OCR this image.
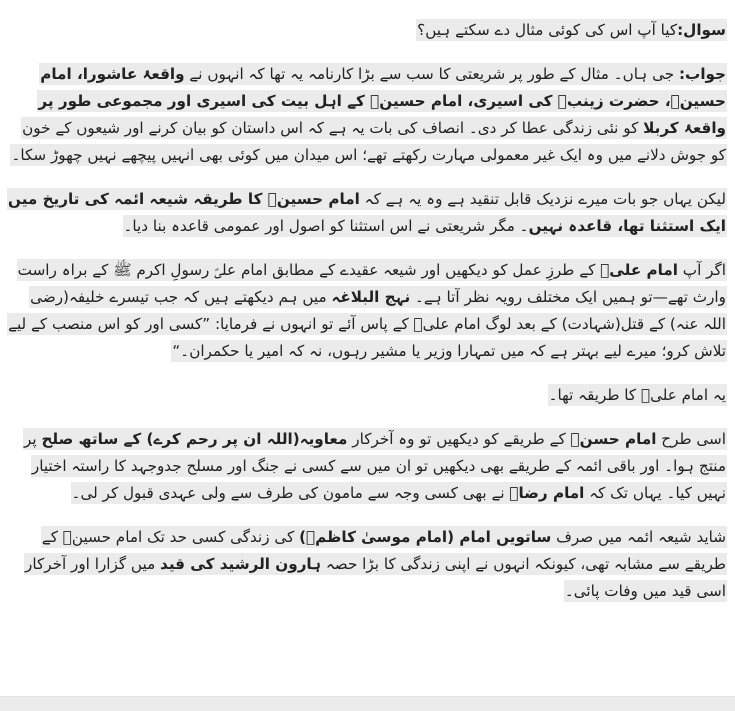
سوال:کیا آپ اس کی کوئی مثال دے سکتے ہیں؟

جواب: جی ہاں۔ مثال کے طور پر شریعتی کا سب سے بڑا کارنامہ یہ تھا کہ انہوں نے واقعۂ عاشورا، امام حسینؑ، حضرت زینبؑ کی اسیری، امام حسینؑ کے اہل بیت کی اسیری اور مجموعی طور پر واقعۂ کربلا کو نئی زندگی عطا کر دی۔ انصاف کی بات یہ ہے کہ اس داستان کو بیان کرنے اور شیعوں کے خون کو جوش دلانے میں وہ ایک غیر معمولی مہارت رکھتے تھے؛ اس میدان میں کوئی بھی انہیں پیچھے نہیں چھوڑ سکا۔

لیکن یہاں جو بات میرے نزدیک قابل تنقید ہے وہ یہ ہے کہ امام حسینؑ کا طریقہ شیعہ ائمہ کی تاریخ میں ایک استثنا تھا، قاعدہ نہیں۔ مگر شریعتی نے اس استثنا کو اصول اور عمومی قاعدہ بنا دیا۔

اگر آپ امام علیؑ کے طرزِ عمل کو دیکھیں اور شیعہ عقیدے کے مطابق امام علیؑ رسولِ اکرم ﷺ کے براہ راست وارث تھے—تو ہمیں ایک مختلف رویہ نظر آتا ہے۔ نہج البلاغہ میں ہم دیکھتے ہیں کہ جب تیسرے خلیفہ(رضی اللہ عنہ) کے قتل(شہادت) کے بعد لوگ امام علیؑ کے پاس آئے تو انہوں نے فرمایا: ”کسی اور کو اس منصب کے لیے تلاش کرو؛ میرے لیے بہتر ہے کہ میں تمہارا وزیر یا مشیر رہوں، نہ کہ امیر یا حکمران۔“

یہ امام علیؑ کا طریقہ تھا۔

اسی طرح امام حسنؑ کے طریقے کو دیکھیں تو وہ آخرکار معاویہ(اللہ ان پر رحم کرے) کے ساتھ صلح پر منتج ہوا۔ اور باقی ائمہ کے طریقے بھی دیکھیں تو ان میں سے کسی نے جنگ اور مسلح جدوجہد کا راستہ اختیار نہیں کیا۔ یہاں تک کہ امام رضاؑ نے بھی کسی وجہ سے مامون کی طرف سے ولی عہدی قبول کر لی۔

شاید شیعہ ائمہ میں صرف ساتویں امام (امام موسیٰ کاظمؑ) کی زندگی کسی حد تک امام حسینؑ کے طریقے سے مشابہ تھی، کیونکہ انہوں نے اپنی زندگی کا بڑا حصہ ہارون الرشید کی قید میں گزارا اور آخرکار اسی قید میں وفات پائی۔
